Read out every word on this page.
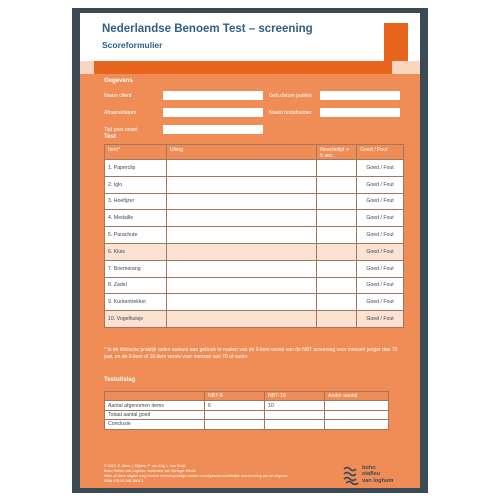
Nederlandse Benoem Test – screening
Scoreformulier
Gegevens
Naam cliënt
Afnamedatum
Tijd post onset
Geb.datum patiënt
Naam testafnemer
Test
Item*	Uiting	Reactietijd > 5 sec.	Goed / Fout
1. Paperclip			Goed / Fout
2. Iglo			Goed / Fout
3. Hoefijzer			Goed / Fout
4. Medaille			Goed / Fout
5. Parachute			Goed / Fout
6. Kluis			Goed / Fout
7. Boemerang			Goed / Fout
8. Zadel			Goed / Fout
9. Kurkentrekker			Goed / Fout
10. Vogelhuisje			Goed / Fout
* In de klinische praktijk raden auteurs aan gebruik te maken van de 6-item versie van de NBT screening voor mensen jonger dan 70 jaar, en de 6-item of 10-item versie voor mensen van 70 of ouder.
Testuitslag
	NBT-6	NBT-10	Ander aantal
Aantal afgenomen items	6	10	
Totaal aantal goed			
Conclusie			
© 2023, E. Akes, I. Dijkers, P. van Zalj, L. van Ewijk
Bohn Stafleu van Loghum, onderdeel van Springer Media
Niets uit deze uitgave mag worden vermenigvuldigd zonder voorafgaande schriftelijke toestemming van de uitgever.
ISBN 978 90 368 2864 3
bohn
stafleu
van loghum
